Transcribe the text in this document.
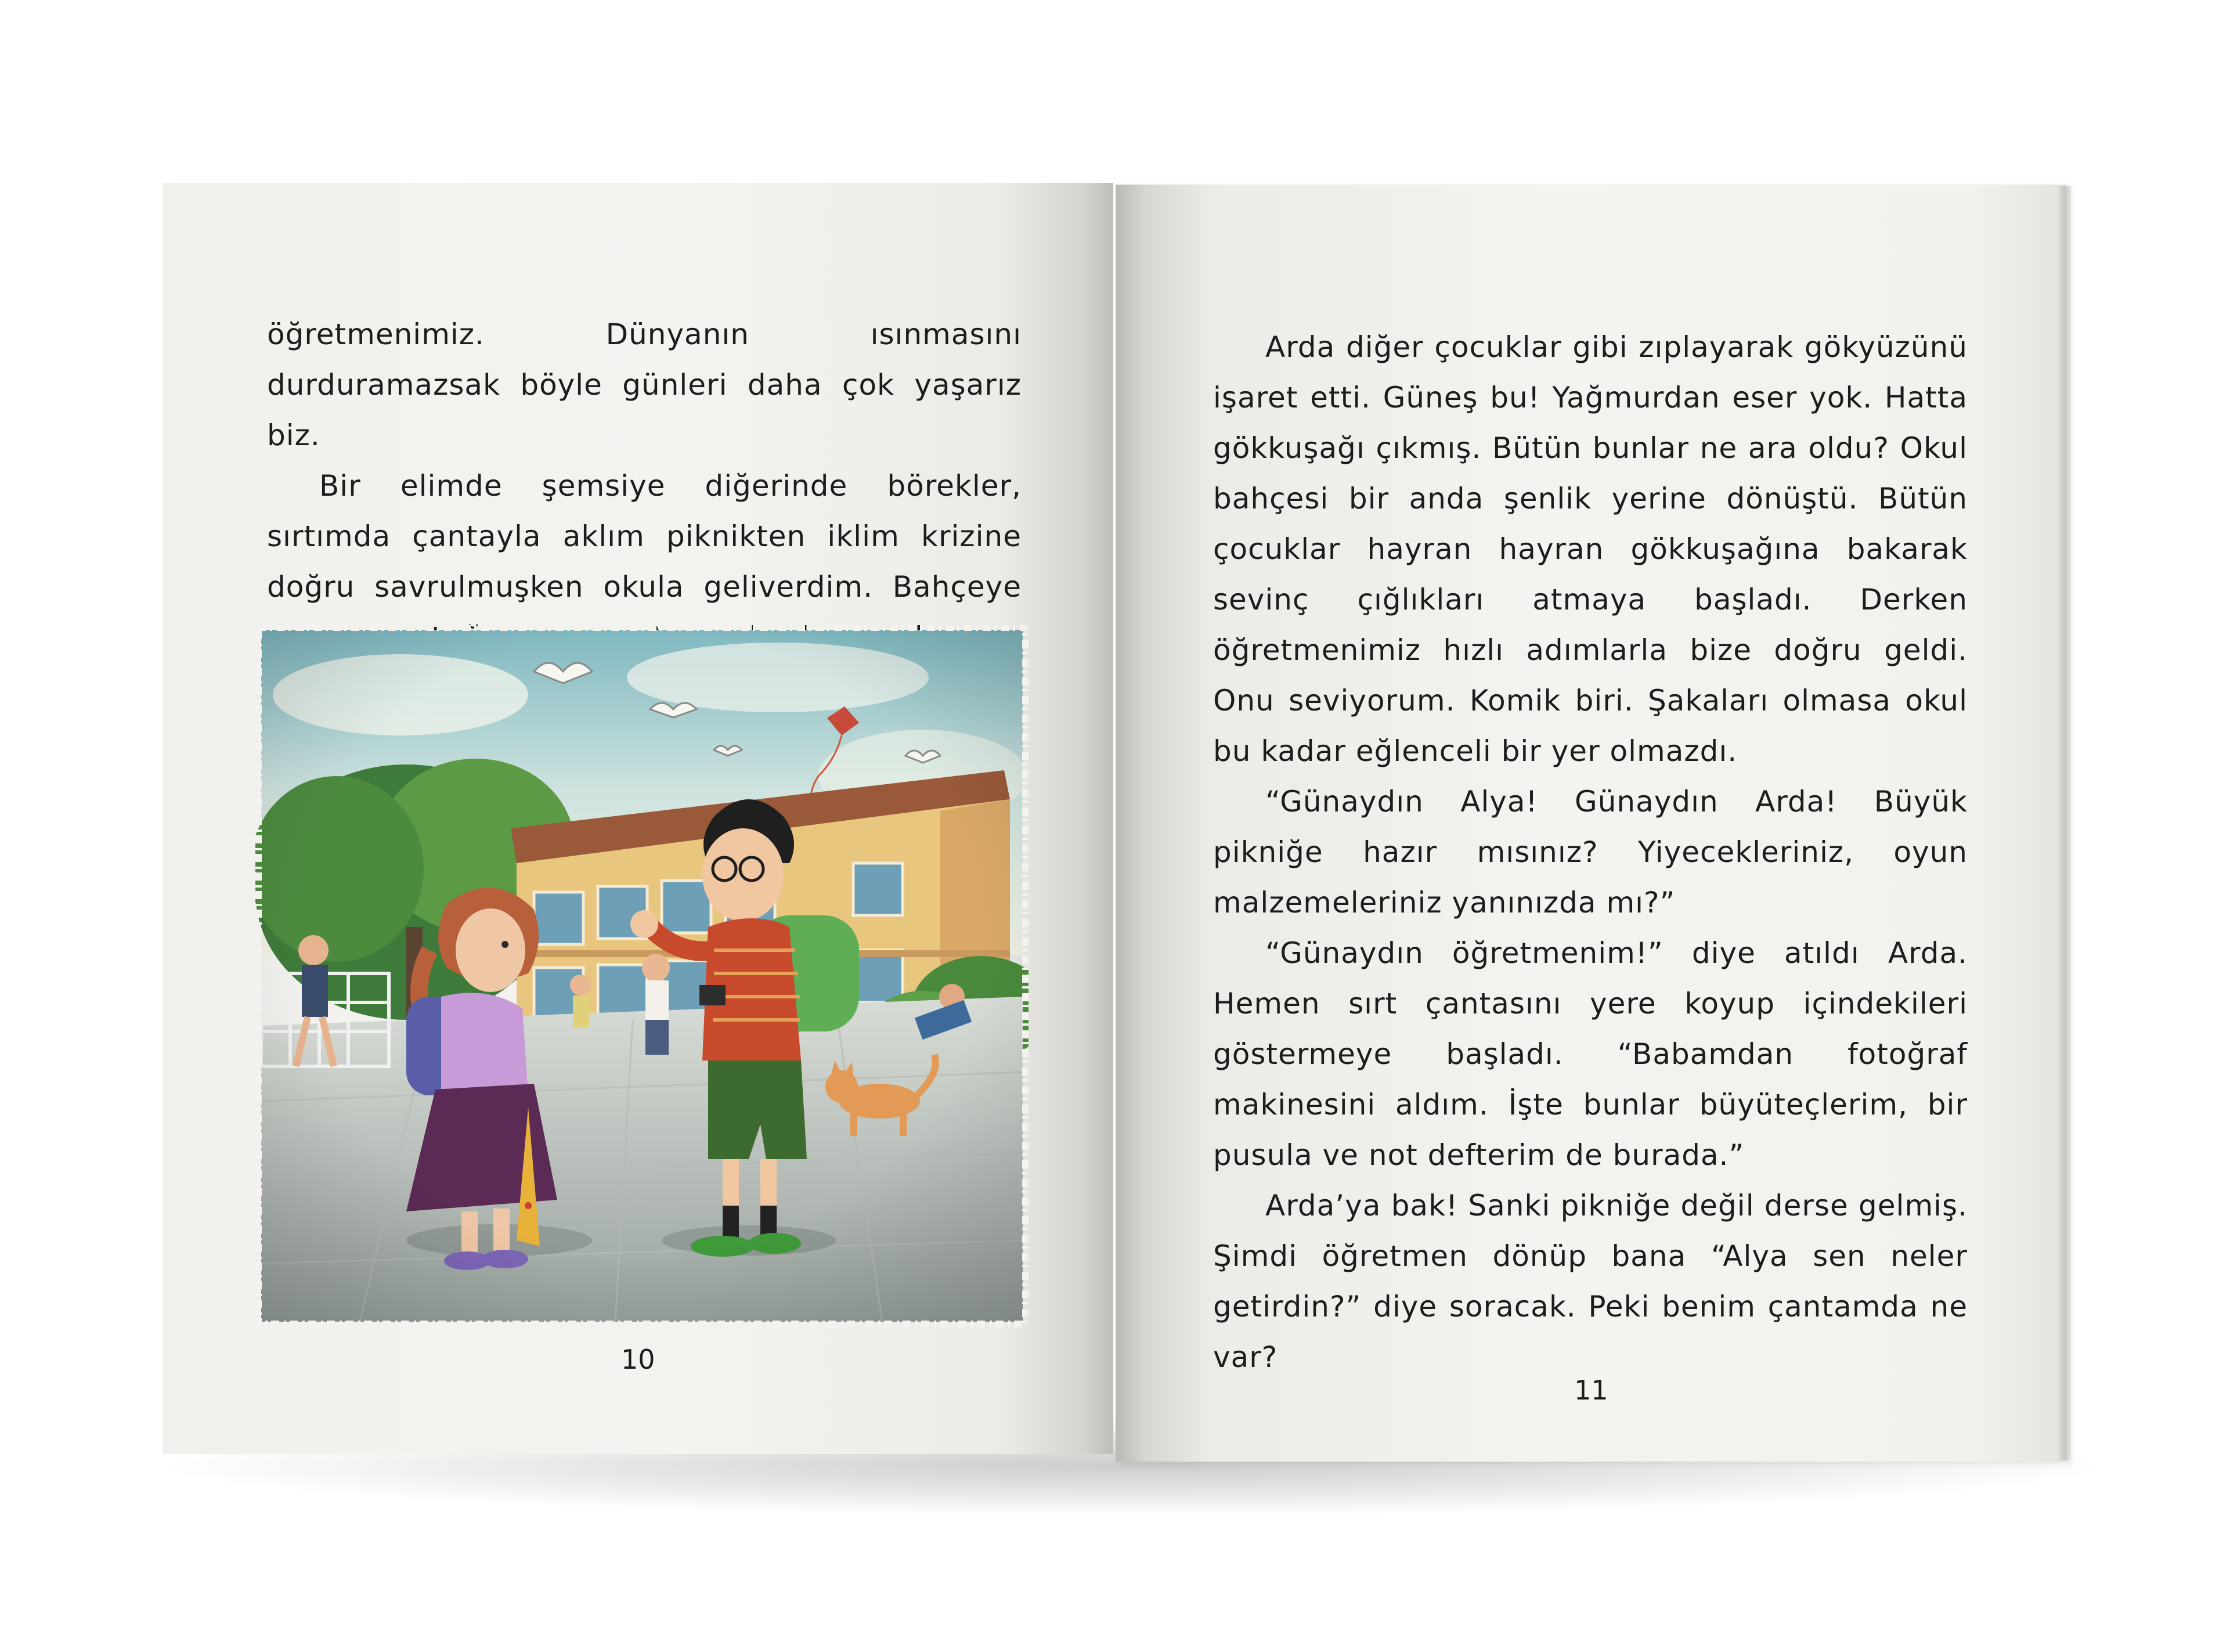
öğretmenimiz. Dünyanın ısınmasını durduramazsak böyle günleri daha çok yaşarız biz.

Bir elimde şemsiye diğerinde börekler, sırtımda çantayla aklım piknikten iklim krizine doğru savrulmuşken okula geliverdim. Bahçeye

10

Arda diğer çocuklar gibi zıplayarak gökyüzünü işaret etti. Güneş bu! Yağmurdan eser yok. Hatta gökkuşağı çıkmış. Bütün bunlar ne ara oldu? Okul bahçesi bir anda şenlik yerine dönüştü. Bütün çocuklar hayran hayran gökkuşağına bakarak sevinç çığlıkları atmaya başladı. Derken öğretmenimiz hızlı adımlarla bize doğru geldi. Onu seviyorum. Komik biri. Şakaları olmasa okul bu kadar eğlenceli bir yer olmazdı.

“Günaydın Alya! Günaydın Arda! Büyük pikniğe hazır mısınız? Yiyecekleriniz, oyun malzemeleriniz yanınızda mı?”

“Günaydın öğretmenim!” diye atıldı Arda. Hemen sırt çantasını yere koyup içindekileri göstermeye başladı. “Babamdan fotoğraf makinesini aldım. İşte bunlar büyüteçlerim, bir pusula ve not defterim de burada.”

Arda’ya bak! Sanki pikniğe değil derse gelmiş. Şimdi öğretmen dönüp bana “Alya sen neler getirdin?” diye soracak. Peki benim çantamda ne var?

11
